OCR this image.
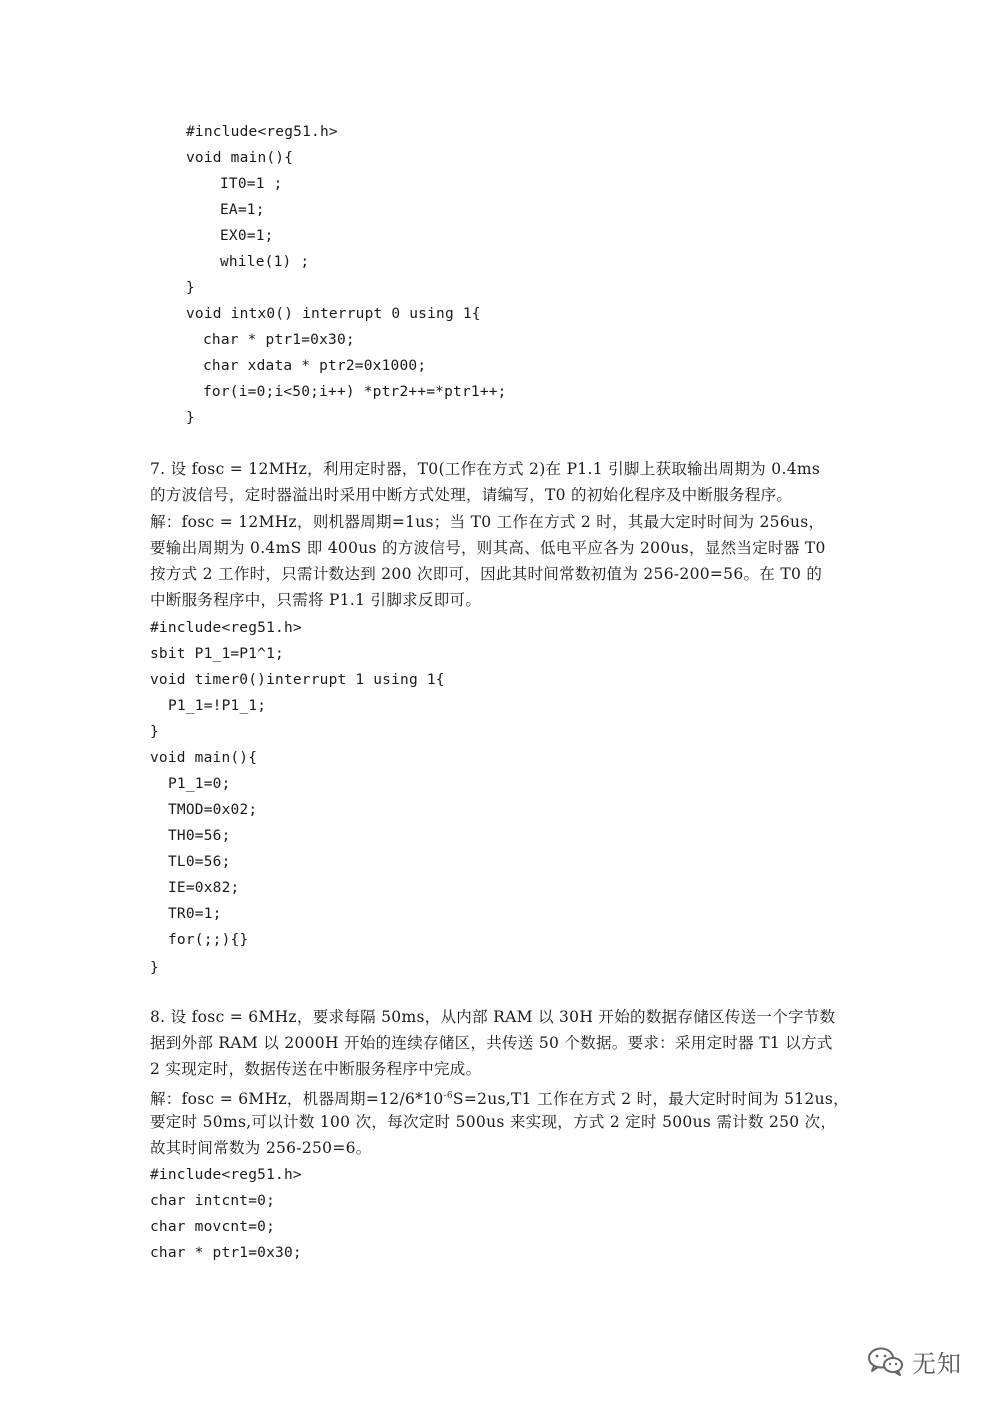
#include<reg51.h>
void main(){
IT0=1 ;
EA=1;
EX0=1;
while(1) ;
}
void intx0() interrupt 0 using 1{
char * ptr1=0x30;
char xdata * ptr2=0x1000;
for(i=0;i<50;i++) *ptr2++=*ptr1++;
}
7. 设 fosc = 12MHz，利用定时器，T0(工作在方式 2)在 P1.1 引脚上获取输出周期为 0.4ms
的方波信号，定时器溢出时采用中断方式处理，请编写，T0 的初始化程序及中断服务程序。
解：fosc = 12MHz，则机器周期=1us；当 T0 工作在方式 2 时，其最大定时时间为 256us，
要输出周期为 0.4mS 即 400us 的方波信号，则其高、低电平应各为 200us，显然当定时器 T0
按方式 2 工作时，只需计数达到 200 次即可，因此其时间常数初值为 256-200=56。在 T0 的
中断服务程序中，只需将 P1.1 引脚求反即可。
#include<reg51.h>
sbit P1_1=P1^1;
void timer0()interrupt 1 using 1{
P1_1=!P1_1;
}
void main(){
P1_1=0;
TMOD=0x02;
TH0=56;
TL0=56;
IE=0x82;
TR0=1;
for(;;){}
}
8. 设 fosc = 6MHz，要求每隔 50ms，从内部 RAM 以 30H 开始的数据存储区传送一个字节数
据到外部 RAM 以 2000H 开始的连续存储区，共传送 50 个数据。要求：采用定时器 T1 以方式
2 实现定时，数据传送在中断服务程序中完成。
解：fosc = 6MHz，机器周期$=12/6*10^{-6}S=2us,T1$ 工作在方式 2 时，最大定时时间为 512us，
要定时 50ms,可以计数 100 次，每次定时 500us 来实现，方式 2 定时 500us 需计数 250 次，
故其时间常数为 256-250=6。
#include<reg51.h>
char intcnt=0;
char movcnt=0;
char * ptr1=0x30;
无知
